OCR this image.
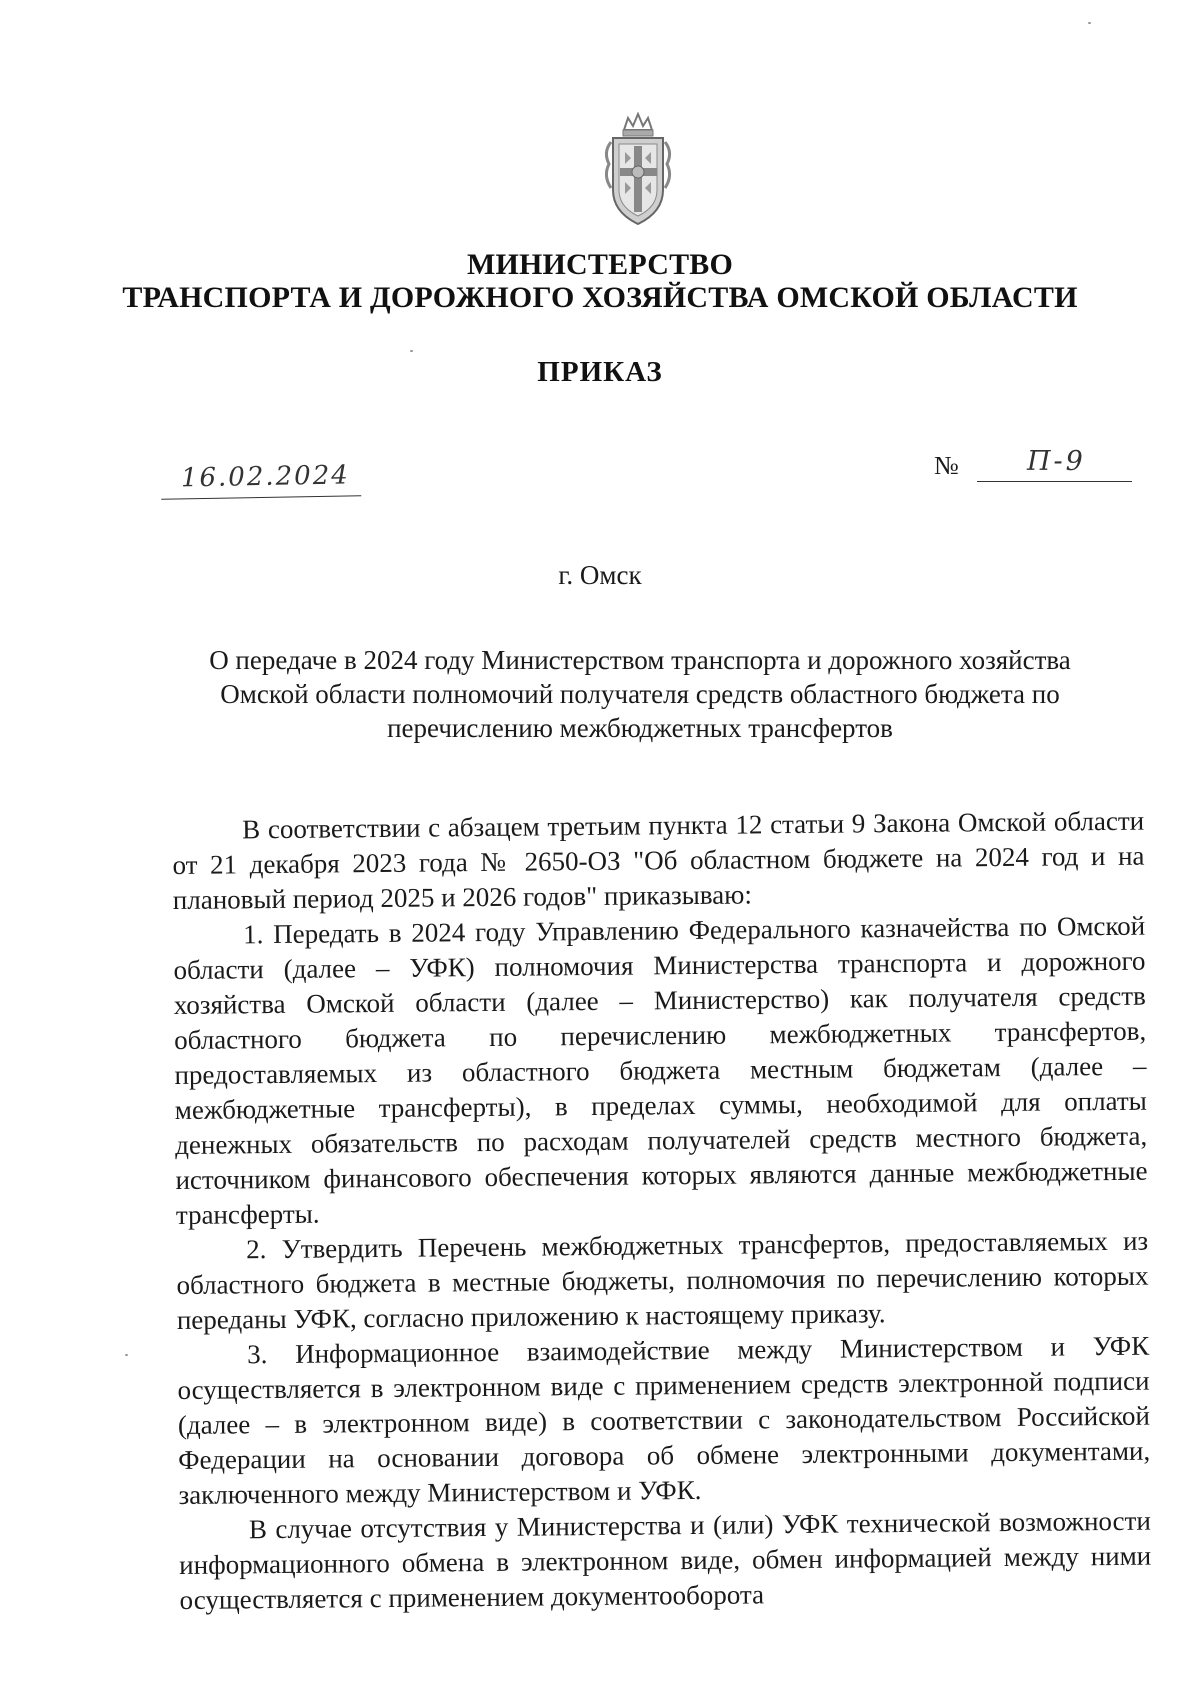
МИНИСТЕРСТВО
ТРАНСПОРТА И ДОРОЖНОГО ХОЗЯЙСТВА ОМСКОЙ ОБЛАСТИ
ПРИКАЗ
16.02.2024	№	П-9
г. Омск
О передаче в 2024 году Министерством транспорта и дорожного хозяйства Омской области полномочий получателя средств областного бюджета по перечислению межбюджетных трансфертов

В соответствии с абзацем третьим пункта 12 статьи 9 Закона Омской области от 21 декабря 2023 года № 2650-ОЗ "Об областном бюджете на 2024 год и на плановый период 2025 и 2026 годов" приказываю:

1. Передать в 2024 году Управлению Федерального казначейства по Омской области (далее – УФК) полномочия Министерства транспорта и дорожного хозяйства Омской области (далее – Министерство) как получателя средств областного бюджета по перечислению межбюджетных трансфертов, предоставляемых из областного бюджета местным бюджетам (далее – межбюджетные трансферты), в пределах суммы, необходимой для оплаты денежных обязательств по расходам получателей средств местного бюджета, источником финансового обеспечения которых являются данные межбюджетные трансферты.

2. Утвердить Перечень межбюджетных трансфертов, предоставляемых из областного бюджета в местные бюджеты, полномочия по перечислению которых переданы УФК, согласно приложению к настоящему приказу.

3. Информационное взаимодействие между Министерством и УФК осуществляется в электронном виде с применением средств электронной подписи (далее – в электронном виде) в соответствии с законодательством Российской Федерации на основании договора об обмене электронными документами, заключенного между Министерством и УФК.

В случае отсутствия у Министерства и (или) УФК технической возможности информационного обмена в электронном виде, обмен информацией между ними осуществляется с применением документооборота
